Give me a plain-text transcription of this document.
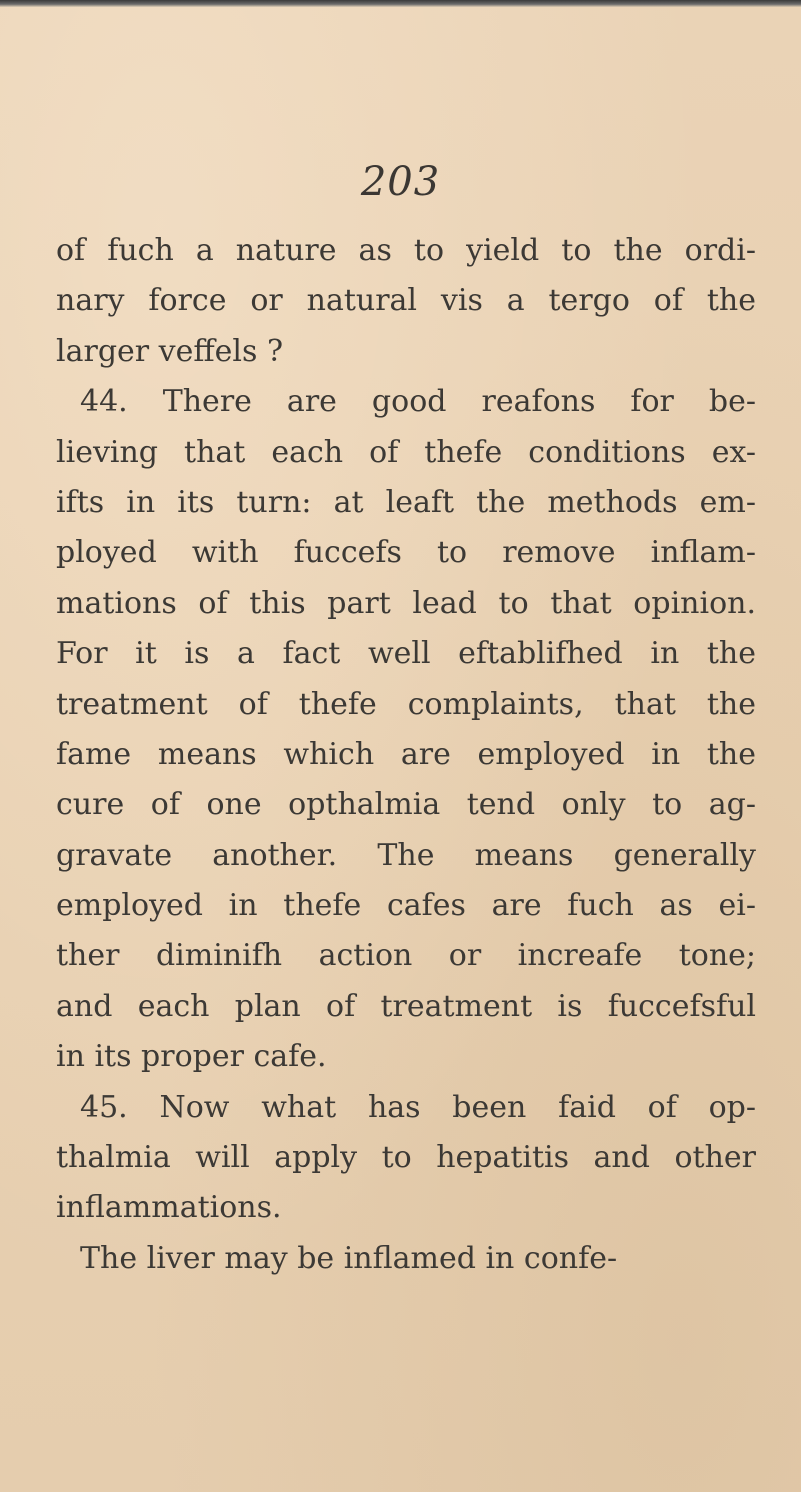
203
of fuch a nature as to yield to the ordi-
nary force or natural vis a tergo of the
larger veffels ?
44. There are good reafons for be-
lieving that each of thefe conditions ex-
ifts in its turn: at leaft the methods em-
ployed with fuccefs to remove inflam-
mations of this part lead to that opinion.
For it is a fact well eftablifhed in the
treatment of thefe complaints, that the
fame means which are employed in the
cure of one opthalmia tend only to ag-
gravate another. The means generally
employed in thefe cafes are fuch as ei-
ther diminifh action or increafe tone;
and each plan of treatment is fuccefsful
in its proper cafe.
45. Now what has been faid of op-
thalmia will apply to hepatitis and other
inflammations.
The liver may be inflamed in confe-
